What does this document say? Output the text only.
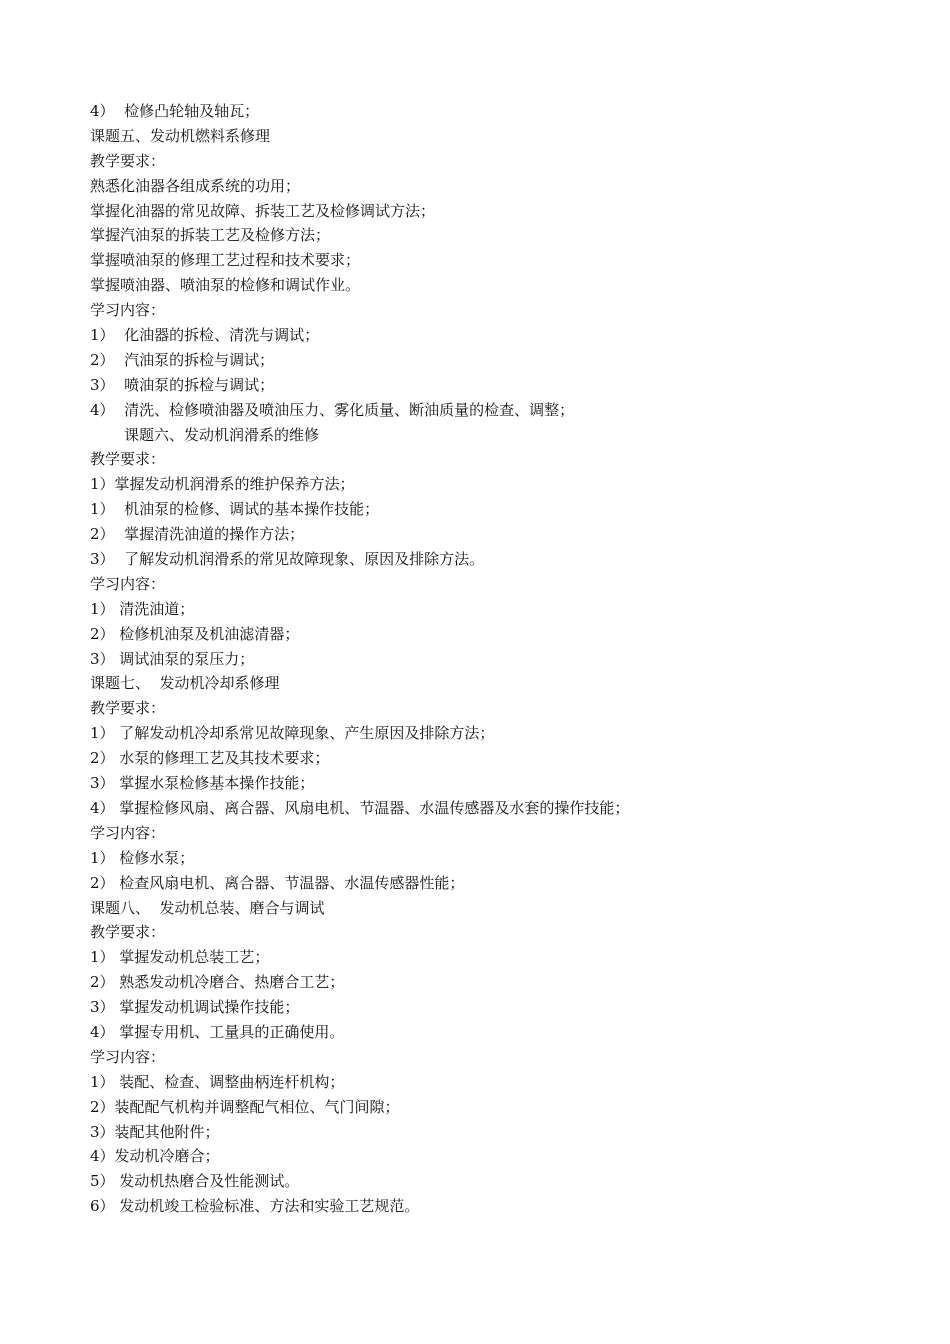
4）  检修凸轮轴及轴瓦；
课题五、发动机燃料系修理
教学要求：
熟悉化油器各组成系统的功用；
掌握化油器的常见故障、拆装工艺及检修调试方法；
掌握汽油泵的拆装工艺及检修方法；
掌握喷油泵的修理工艺过程和技术要求；
掌握喷油器、喷油泵的检修和调试作业。
学习内容：
1）  化油器的拆检、清洗与调试；
2）  汽油泵的拆检与调试；
3）  喷油泵的拆检与调试；
4）  清洗、检修喷油器及喷油压力、雾化质量、断油质量的检查、调整；
课题六、发动机润滑系的维修
教学要求：
1）掌握发动机润滑系的维护保养方法；
1）  机油泵的检修、调试的基本操作技能；
2）  掌握清洗油道的操作方法；
3）  了解发动机润滑系的常见故障现象、原因及排除方法。
学习内容：
1） 清洗油道；
2） 检修机油泵及机油滤清器；
3） 调试油泵的泵压力；
课题七、  发动机冷却系修理
教学要求：
1） 了解发动机冷却系常见故障现象、产生原因及排除方法；
2） 水泵的修理工艺及其技术要求；
3） 掌握水泵检修基本操作技能；
4） 掌握检修风扇、离合器、风扇电机、节温器、水温传感器及水套的操作技能；
学习内容：
1） 检修水泵；
2） 检查风扇电机、离合器、节温器、水温传感器性能；
课题八、  发动机总装、磨合与调试
教学要求：
1） 掌握发动机总装工艺；
2） 熟悉发动机冷磨合、热磨合工艺；
3） 掌握发动机调试操作技能；
4） 掌握专用机、工量具的正确使用。
学习内容：
1） 装配、检查、调整曲柄连杆机构；
2）装配配气机构并调整配气相位、气门间隙；
3）装配其他附件；
4）发动机冷磨合；
5） 发动机热磨合及性能测试。
6） 发动机竣工检验标准、方法和实验工艺规范。
